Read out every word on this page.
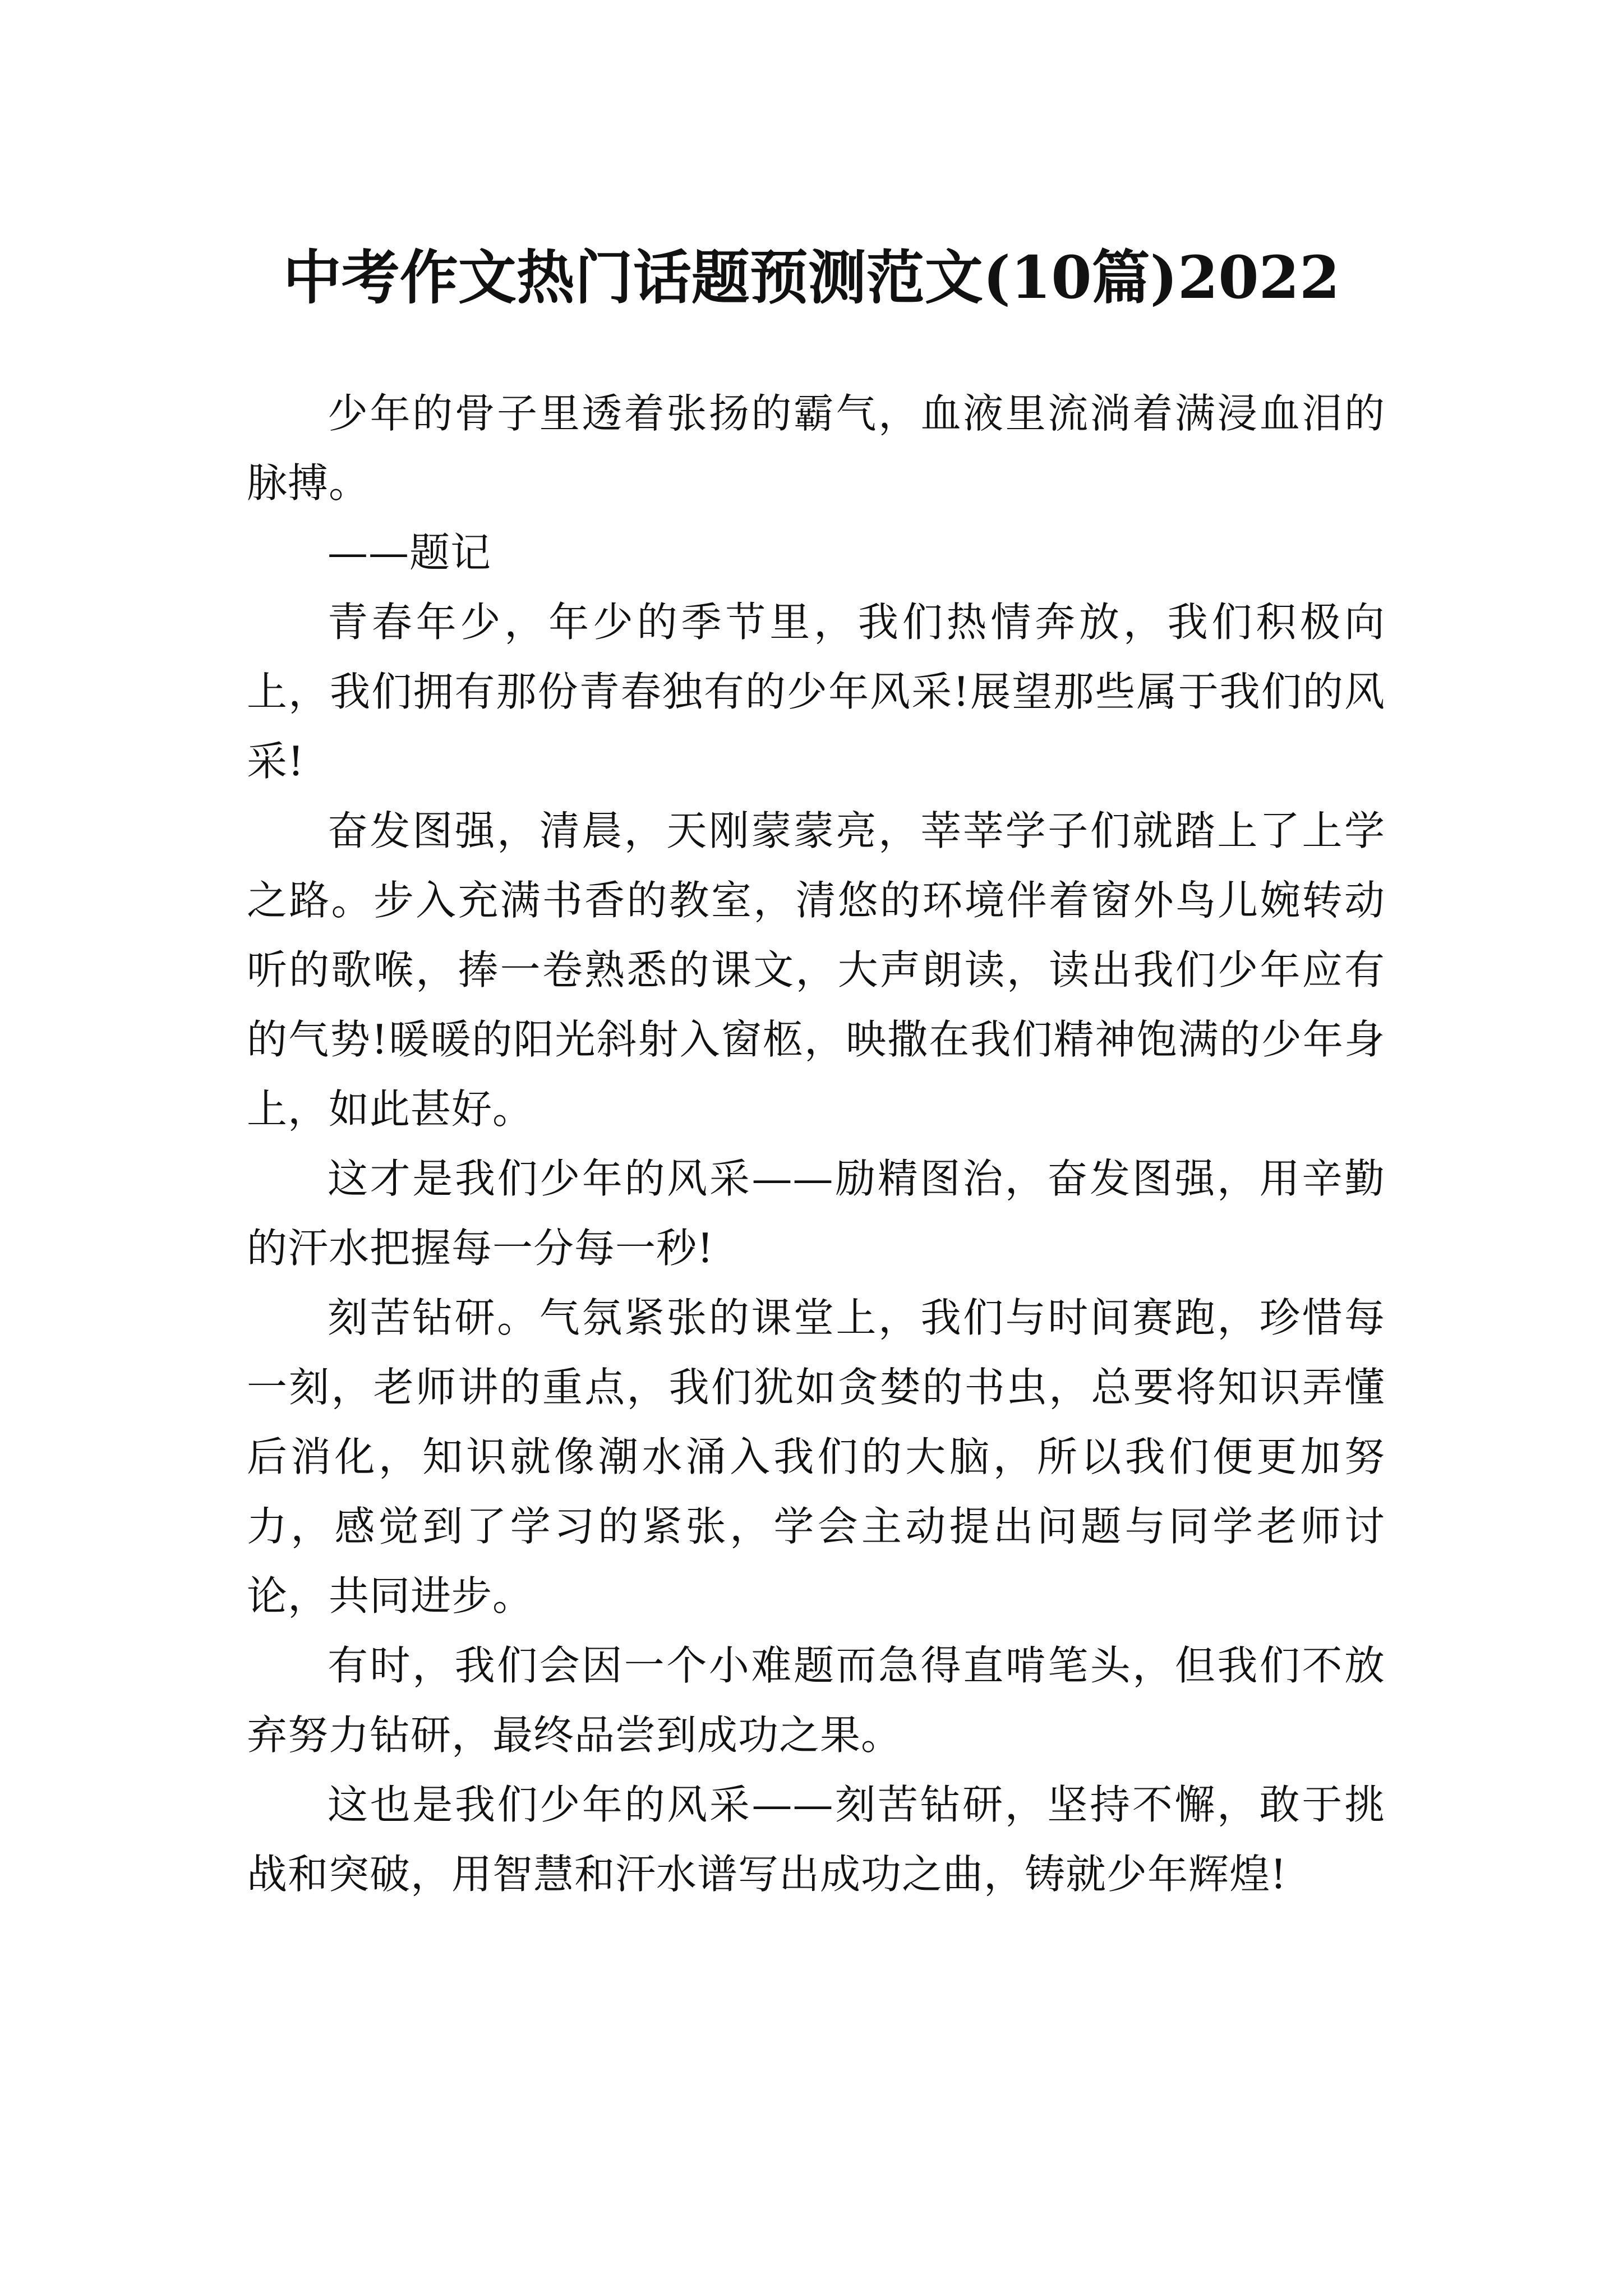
中考作文热门话题预测范文(10篇)2022

少年的骨子里透着张扬的霸气，血液里流淌着满浸血泪的脉搏。

——题记

青春年少，年少的季节里，我们热情奔放，我们积极向上，我们拥有那份青春独有的少年风采!展望那些属于我们的风采!

奋发图强，清晨，天刚蒙蒙亮，莘莘学子们就踏上了上学之路。步入充满书香的教室，清悠的环境伴着窗外鸟儿婉转动听的歌喉，捧一卷熟悉的课文，大声朗读，读出我们少年应有的气势!暖暖的阳光斜射入窗柩，映撒在我们精神饱满的少年身上，如此甚好。

这才是我们少年的风采——励精图治，奋发图强，用辛勤的汗水把握每一分每一秒!

刻苦钻研。气氛紧张的课堂上，我们与时间赛跑，珍惜每一刻，老师讲的重点，我们犹如贪婪的书虫，总要将知识弄懂后消化，知识就像潮水涌入我们的大脑，所以我们便更加努力，感觉到了学习的紧张，学会主动提出问题与同学老师讨论，共同进步。

有时，我们会因一个小难题而急得直啃笔头，但我们不放弃努力钻研，最终品尝到成功之果。

这也是我们少年的风采——刻苦钻研，坚持不懈，敢于挑战和突破，用智慧和汗水谱写出成功之曲，铸就少年辉煌!
